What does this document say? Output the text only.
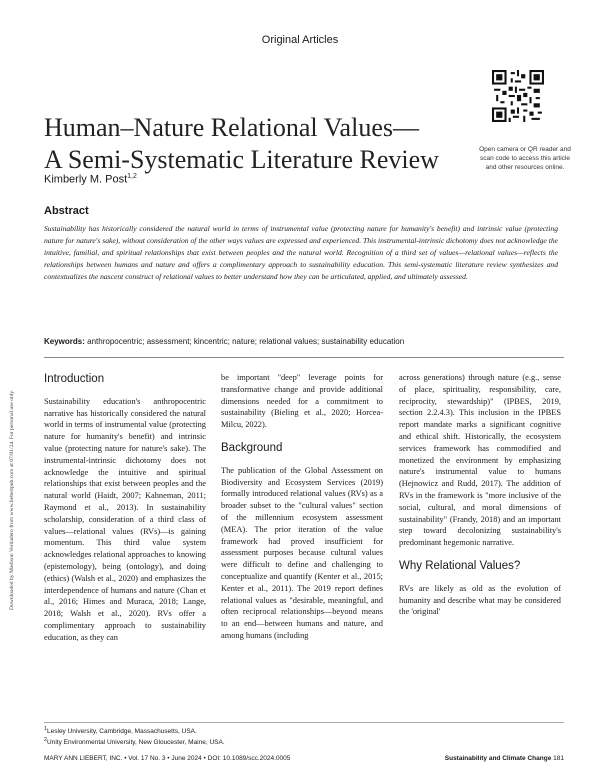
Original Articles
Human–Nature Relational Values—
A Semi-Systematic Literature Review
Kimberly M. Post$^{1,2}$
Open camera or QR reader and
scan code to access this article
and other resources online.
Abstract
Sustainability has historically considered the natural world in terms of instrumental value (protecting nature for humanity's benefit) and intrinsic value (protecting nature for nature's sake), without consideration of the other ways values are expressed and experienced. This instrumental-intrinsic dichotomy does not acknowledge the intuitive, familial, and spiritual relationships that exist between peoples and the natural world. Recognition of a third set of values—relational values—reflects the relationships between humans and nature and offers a complimentary approach to sustainability education. This semi-systematic literature review synthesizes and contextualizes the nascent construct of relational values to better understand how they can be articulated, applied, and ultimately assessed.
Keywords: anthropocentric; assessment; kincentric; nature; relational values; sustainability education
Downloaded by Madison Verdadero from www.liebertpub.com at 07/01/24. For personal use only.
Introduction

Sustainability education's anthropocentric narrative has historically considered the natural world in terms of instrumental value (protecting nature for humanity's benefit) and intrinsic value (protecting nature for nature's sake). The instrumental-intrinsic dichotomy does not acknowledge the intuitive and spiritual relationships that exist between peoples and the natural world (Haidt, 2007; Kahneman, 2011; Raymond et al., 2013). In sustainability scholarship, consideration of a third class of values—relational values (RVs)—is gaining momentum. This third value system acknowledges relational approaches to knowing (epistemology), being (ontology), and doing (ethics) (Walsh et al., 2020) and emphasizes the interdependence of humans and nature (Chan et al., 2016; Himes and Muraca, 2018; Lange, 2018; Walsh et al., 2020). RVs offer a complimentary approach to sustainability education, as they can

be important "deep" leverage points for transformative change and provide additional dimensions needed for a commitment to sustainability (Bieling et al., 2020; Horcea-Milcu, 2022).

Background

The publication of the Global Assessment on Biodiversity and Ecosystem Services (2019) formally introduced relational values (RVs) as a broader subset to the "cultural values" section of the millennium ecosystem assessment (MEA). The prior iteration of the value framework had proved insufficient for assessment purposes because cultural values were difficult to define and challenging to conceptualize and quantify (Kenter et al., 2015; Kenter et al., 2011). The 2019 report defines relational values as "desirable, meaningful, and often reciprocal relationships—beyond means to an end—between humans and nature, and among humans (including

across generations) through nature (e.g., sense of place, spirituality, responsibility, care, reciprocity, stewardship)" (IPBES, 2019, section 2.2.4.3). This inclusion in the IPBES report mandate marks a significant cognitive and ethical shift. Historically, the ecosystem services framework has commodified and monetized the environment by emphasizing nature's instrumental value to humans (Hejnowicz and Rudd, 2017). The addition of RVs in the framework is "more inclusive of the social, cultural, and moral dimensions of sustainability" (Frandy, 2018) and an important step toward decolonizing sustainability's predominant hegemonic narrative.

Why Relational Values?

RVs are likely as old as the evolution of humanity and describe what may be considered the 'original'

$^1$Lesley University, Cambridge, Massachusetts, USA.
$^2$Unity Environmental University, New Gloucester, Maine, USA.
MARY ANN LIEBERT, INC. • Vol. 17 No. 3 • June 2024 • DOI: 10.1089/scc.2024.0005	Sustainability and Climate Change 181
